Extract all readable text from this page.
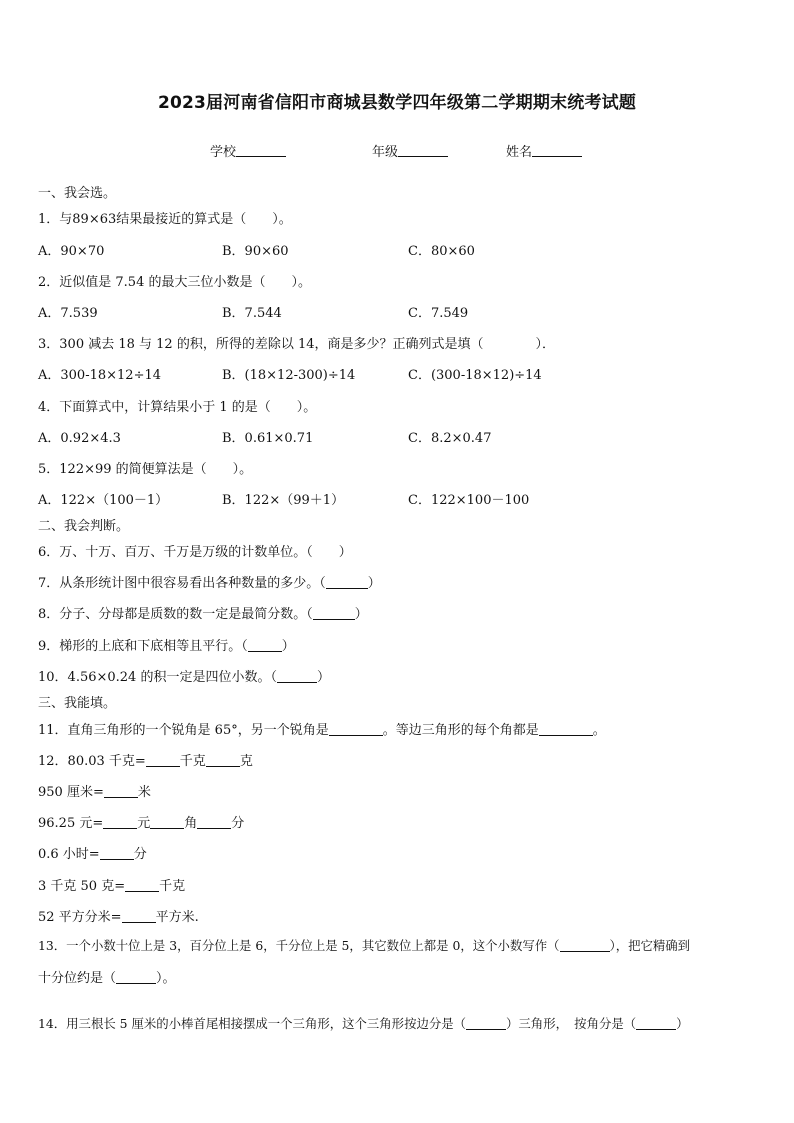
2023届河南省信阳市商城县数学四年级第二学期期末统考试题
学校	年级	姓名
一、我会选。
1．与89×63结果最接近的算式是（　　）。
A．90×70	B．90×60	C．80×60
2．近似值是 7.54 的最大三位小数是（　　）。
A．7.539	B．7.544	C．7.549
3．300 减去 18 与 12 的积，所得的差除以 14，商是多少？正确列式是填（　　　　）．
A．300-18×12÷14	B．(18×12-300)÷14	C．(300-18×12)÷14
4．下面算式中，计算结果小于 1 的是（　　）。
A．0.92×4.3	B．0.61×0.71	C．8.2×0.47
5．122×99 的简便算法是（　　）。
A．122×（100－1）	B．122×（99＋1）	C．122×100－100
二、我会判断。
6．万、十万、百万、千万是万级的计数单位。（　　）
7．从条形统计图中很容易看出各种数量的多少。（	）
8．分子、分母都是质数的数一定是最简分数。（	）
9．梯形的上底和下底相等且平行。（	）
10．4.56×0.24 的积一定是四位小数。（	）
三、我能填。
11．直角三角形的一个锐角是 65°，另一个锐角是	。等边三角形的每个角都是	。
12．80.03 千克=	千克	克
950 厘米=	米
96.25 元=	元	角	分
0.6 小时=	分
3 千克 50 克=	千克
52 平方分米=	平方米.
13．一个小数十位上是 3，百分位上是 6，千分位上是 5，其它数位上都是 0，这个小数写作（	），把它精确到
十分位约是（	）。
14．用三根长 5 厘米的小棒首尾相接摆成一个三角形，这个三角形按边分是（	）三角形，　按角分是（	）
